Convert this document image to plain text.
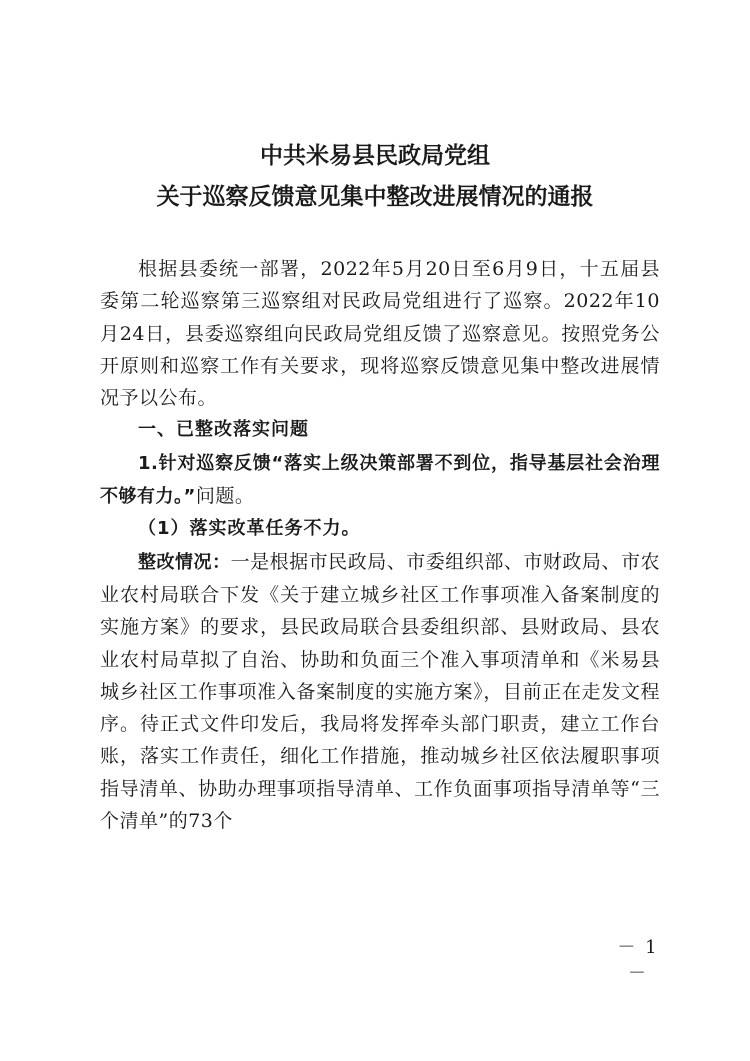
中共米易县民政局党组
关于巡察反馈意见集中整改进展情况的通报

根据县委统一部署，2022年5月20日至6月9日，十五届县委第二轮巡察第三巡察组对民政局党组进行了巡察。2022年10月24日，县委巡察组向民政局党组反馈了巡察意见。按照党务公开原则和巡察工作有关要求，现将巡察反馈意见集中整改进展情况予以公布。

一、已整改落实问题

1.针对巡察反馈“落实上级决策部署不到位，指导基层社会治理不够有力。”问题。

（1）落实改革任务不力。

整改情况：一是根据市民政局、市委组织部、市财政局、市农业农村局联合下发《关于建立城乡社区工作事项准入备案制度的实施方案》的要求，县民政局联合县委组织部、县财政局、县农业农村局草拟了自治、协助和负面三个准入事项清单和《米易县城乡社区工作事项准入备案制度的实施方案》，目前正在走发文程序。待正式文件印发后，我局将发挥牵头部门职责，建立工作台账，落实工作责任，细化工作措施，推动城乡社区依法履职事项指导清单、协助办理事项指导清单、工作负面事项指导清单等“三个清单”的73个

－ 1 －
